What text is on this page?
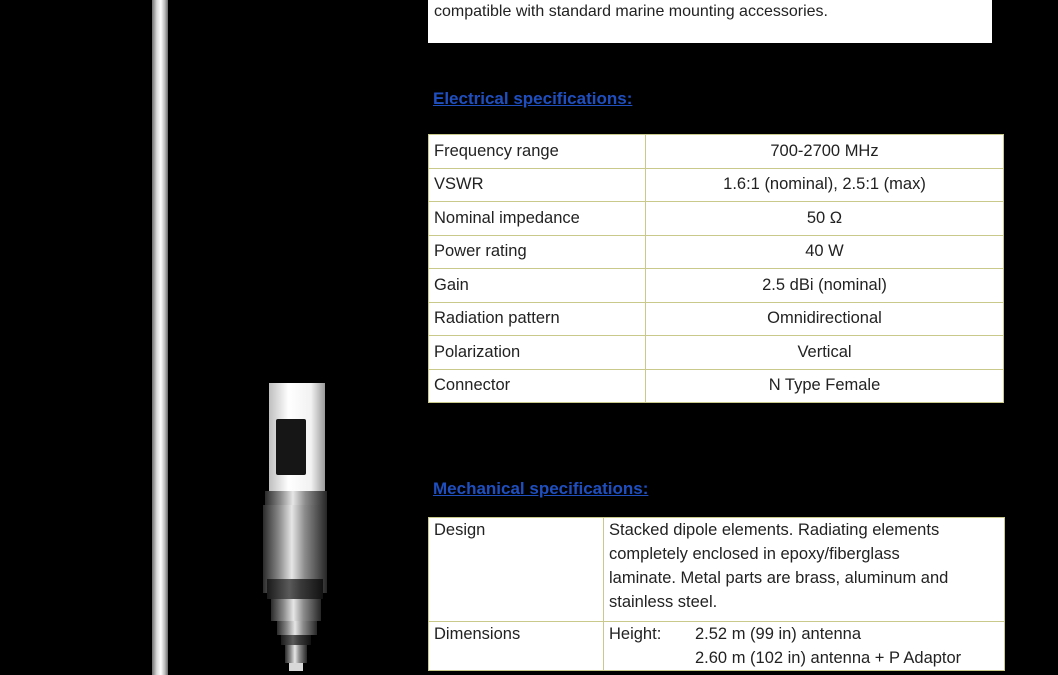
compatible with standard marine mounting accessories.
Electrical specifications:
Frequency range	700-2700 MHz
VSWR	1.6:1 (nominal), 2.5:1 (max)
Nominal impedance	50 Ω
Power rating	40 W
Gain	2.5 dBi (nominal)
Radiation pattern	Omnidirectional
Polarization	Vertical
Connector	N Type Female
Mechanical specifications:
Design	Stacked dipole elements. Radiating elements
completely enclosed in epoxy/fiberglass
laminate. Metal parts are brass, aluminum and
stainless steel.

Dimensions	Height: 2.52 m (99 in) antenna
2.60 m (102 in) antenna + P Adaptor
